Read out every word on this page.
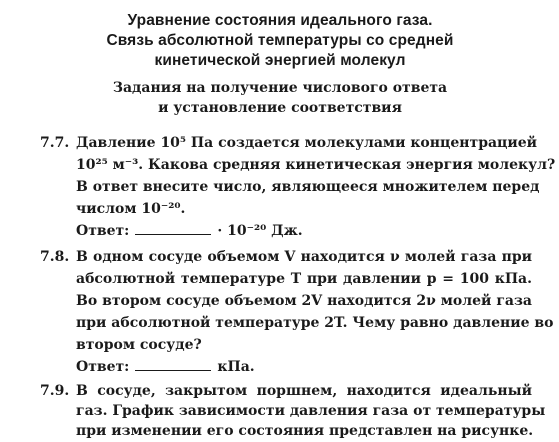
Уравнение состояния идеального газа.
Связь абсолютной температуры со средней
кинетической энергией молекул
Задания на получение числового ответа
и установление соответствия
7.7. Давление 10⁵ Па создается молекулами концентрацией
10²⁵ м⁻³. Какова средняя кинетическая энергия молекул?
В ответ внесите число, являющееся множителем перед
числом 10⁻²⁰.
Ответ:	· 10⁻²⁰ Дж.
7.8. В одном сосуде объемом V находится ν молей газа при
абсолютной температуре T при давлении p = 100 кПа.
Во втором сосуде объемом 2V находится 2ν молей газа
при абсолютной температуре 2T. Чему равно давление во
втором сосуде?
Ответ:	кПа.
7.9. В сосуде, закрытом поршнем, находится идеальный
газ. График зависимости давления газа от температуры
при изменении его состояния представлен на рисунке.
